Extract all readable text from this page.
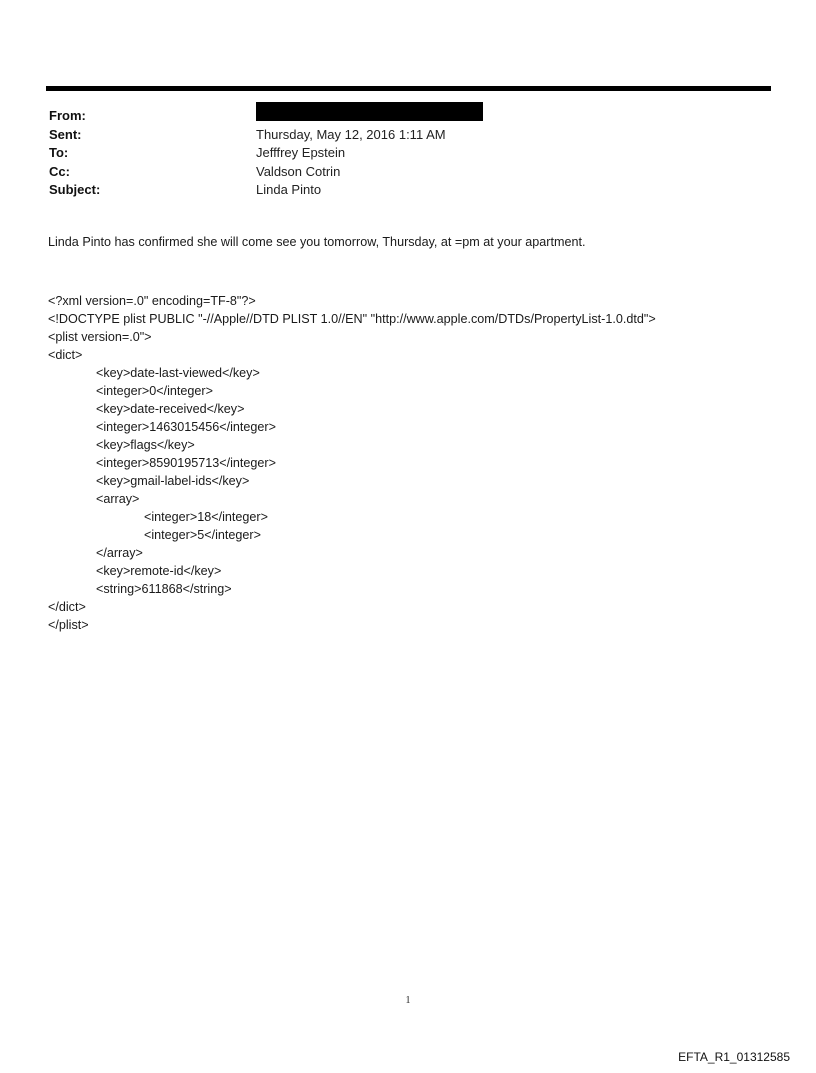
From:
Sent:	Thursday, May 12, 2016 1:11 AM
To:	Jefffrey Epstein
Cc:	Valdson Cotrin
Subject:	Linda Pinto
Linda Pinto has confirmed she will come see you tomorrow, Thursday, at =pm at your apartment.
<?xml version=.0" encoding=TF-8"?>
<!DOCTYPE plist PUBLIC "-//Apple//DTD PLIST 1.0//EN" "http://www.apple.com/DTDs/PropertyList-1.0.dtd">
<plist version=.0">
<dict>
<key>date-last-viewed</key>
<integer>0</integer>
<key>date-received</key>
<integer>1463015456</integer>
<key>flags</key>
<integer>8590195713</integer>
<key>gmail-label-ids</key>
<array>
<integer>18</integer>
<integer>5</integer>
</array>
<key>remote-id</key>
<string>611868</string>
</dict>
</plist>
1
EFTA_R1_01312585
